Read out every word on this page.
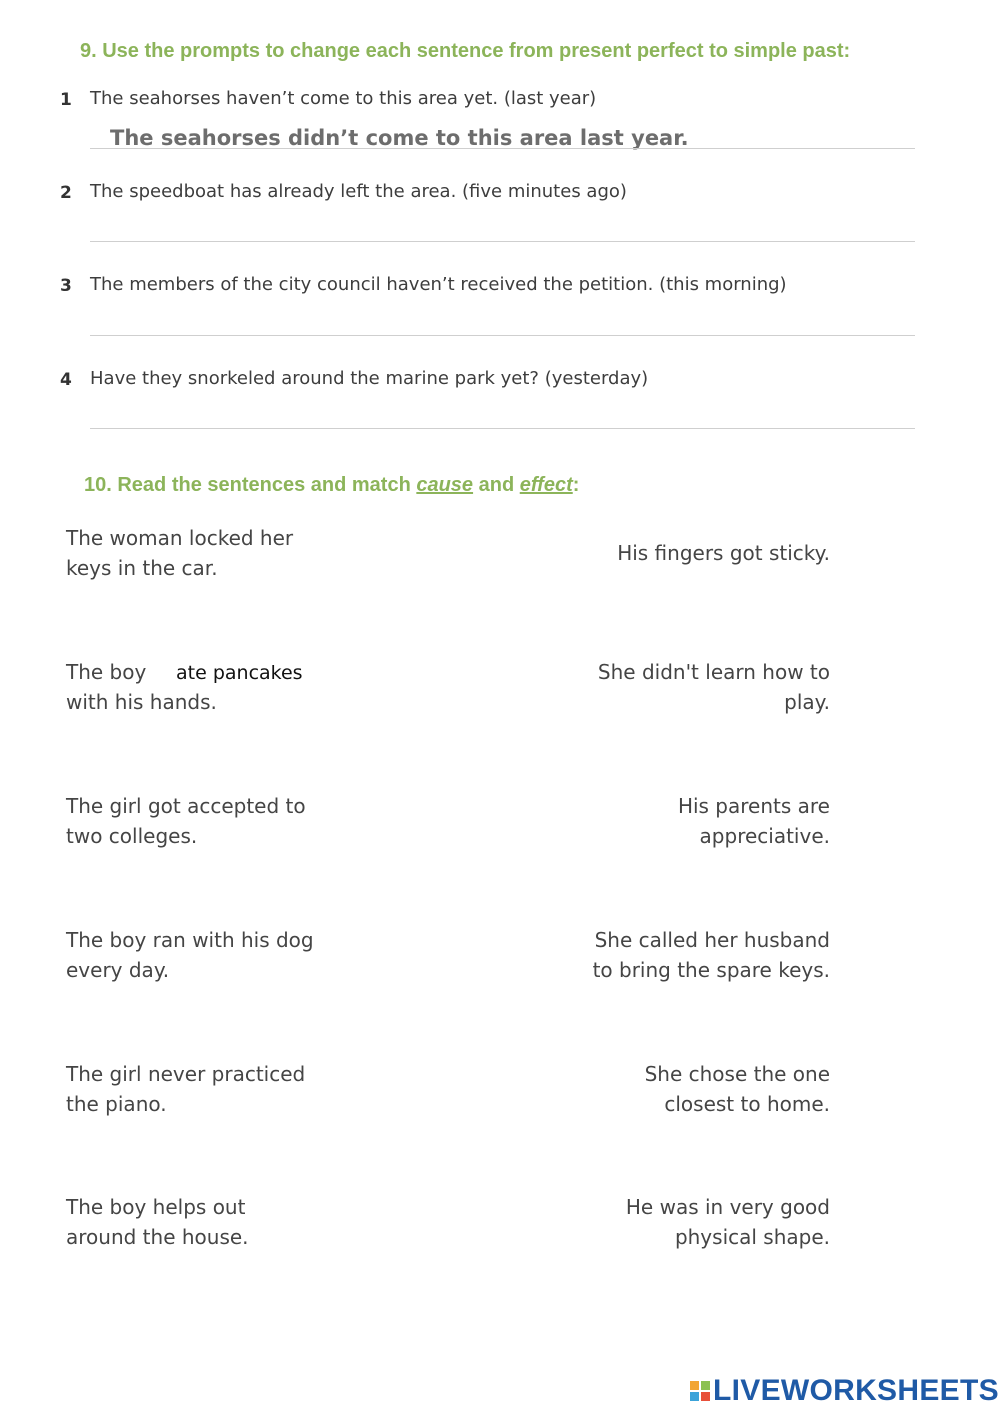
9. Use the prompts to change each sentence from present perfect to simple past:
1 The seahorses haven’t come to this area yet. (last year)
The seahorses didn’t come to this area last year.
2 The speedboat has already left the area. (five minutes ago)
3 The members of the city council haven’t received the petition. (this morning)
4 Have they snorkeled around the marine park yet? (yesterday)
10. Read the sentences and match cause and effect:
The woman locked her
keys in the car.
The boy
with his hands.
ate pancakes
The girl got accepted to
two colleges.
The boy ran with his dog
every day.
The girl never practiced
the piano.
The boy helps out
around the house.
His fingers got sticky.
She didn't learn how to
play.
His parents are
appreciative.
She called her husband
to bring the spare keys.
She chose the one
closest to home.
He was in very good
physical shape.
LIVEWORKSHEETS
